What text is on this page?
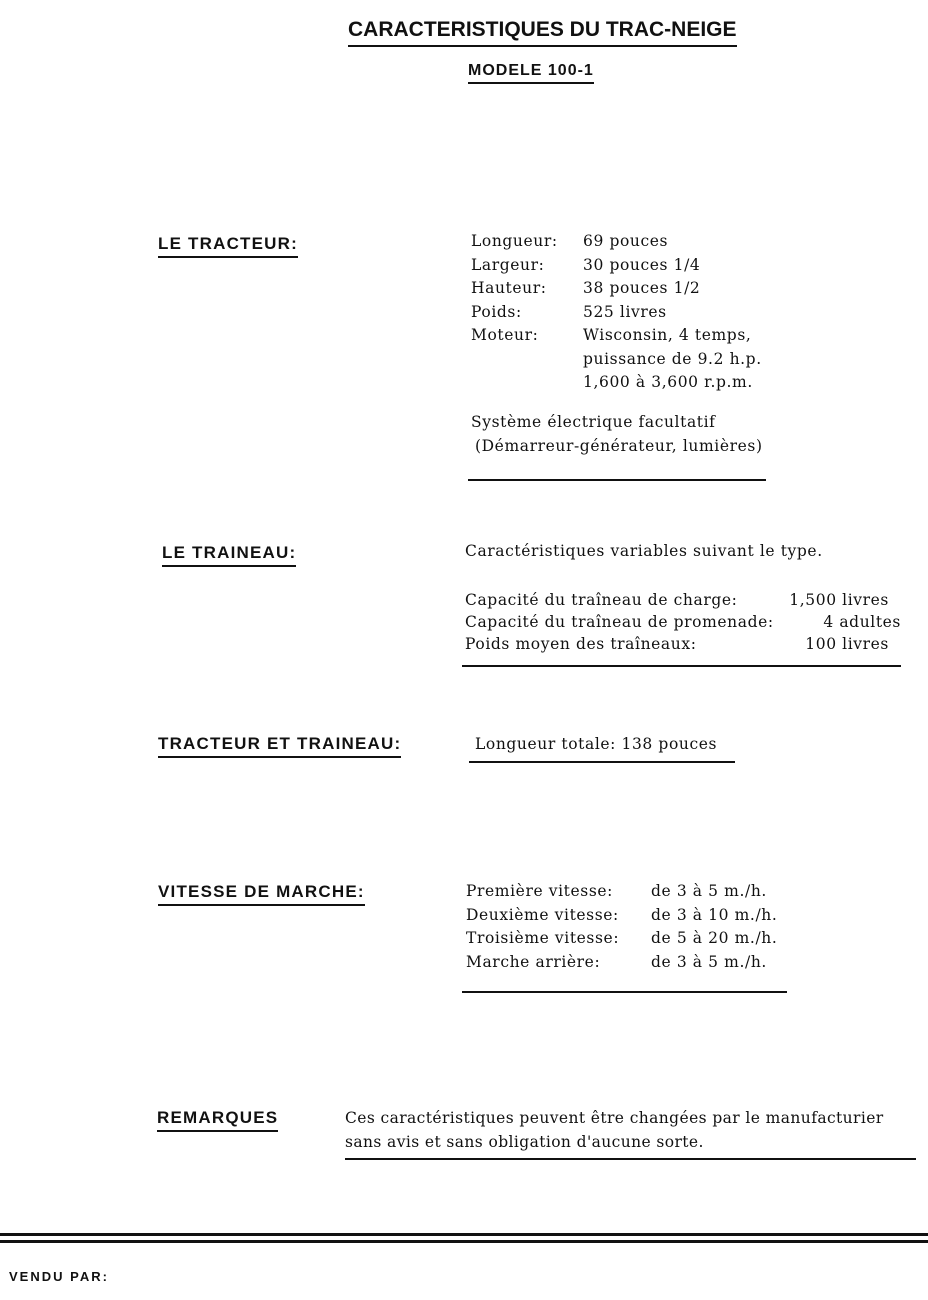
CARACTERISTIQUES DU TRAC-NEIGE
MODELE 100-1
LE TRACTEUR:	Longueur:	69 pouces
Largeur:	30 pouces 1/4
Hauteur:	38 pouces 1/2
Poids:	525 livres
Moteur:	Wisconsin, 4 temps,
puissance de 9.2 h.p.
1,600 à 3,600 r.p.m.
Système électrique facultatif
(Démarreur-générateur, lumières)
LE TRAINEAU:	Caractéristiques variables suivant le type.
Capacité du traîneau de charge:	1,500 livres
Capacité du traîneau de promenade:	4 adultes
Poids moyen des traîneaux:	100 livres
TRACTEUR ET TRAINEAU:	Longueur totale: 138 pouces
VITESSE DE MARCHE:	Première vitesse:	de 3 à 5 m./h.
Deuxième vitesse:	de 3 à 10 m./h.
Troisième vitesse:	de 5 à 20 m./h.
Marche arrière:	de 3 à 5 m./h.
REMARQUES	Ces caractéristiques peuvent être changées par le manufacturier
sans avis et sans obligation d'aucune sorte.
VENDU PAR:
